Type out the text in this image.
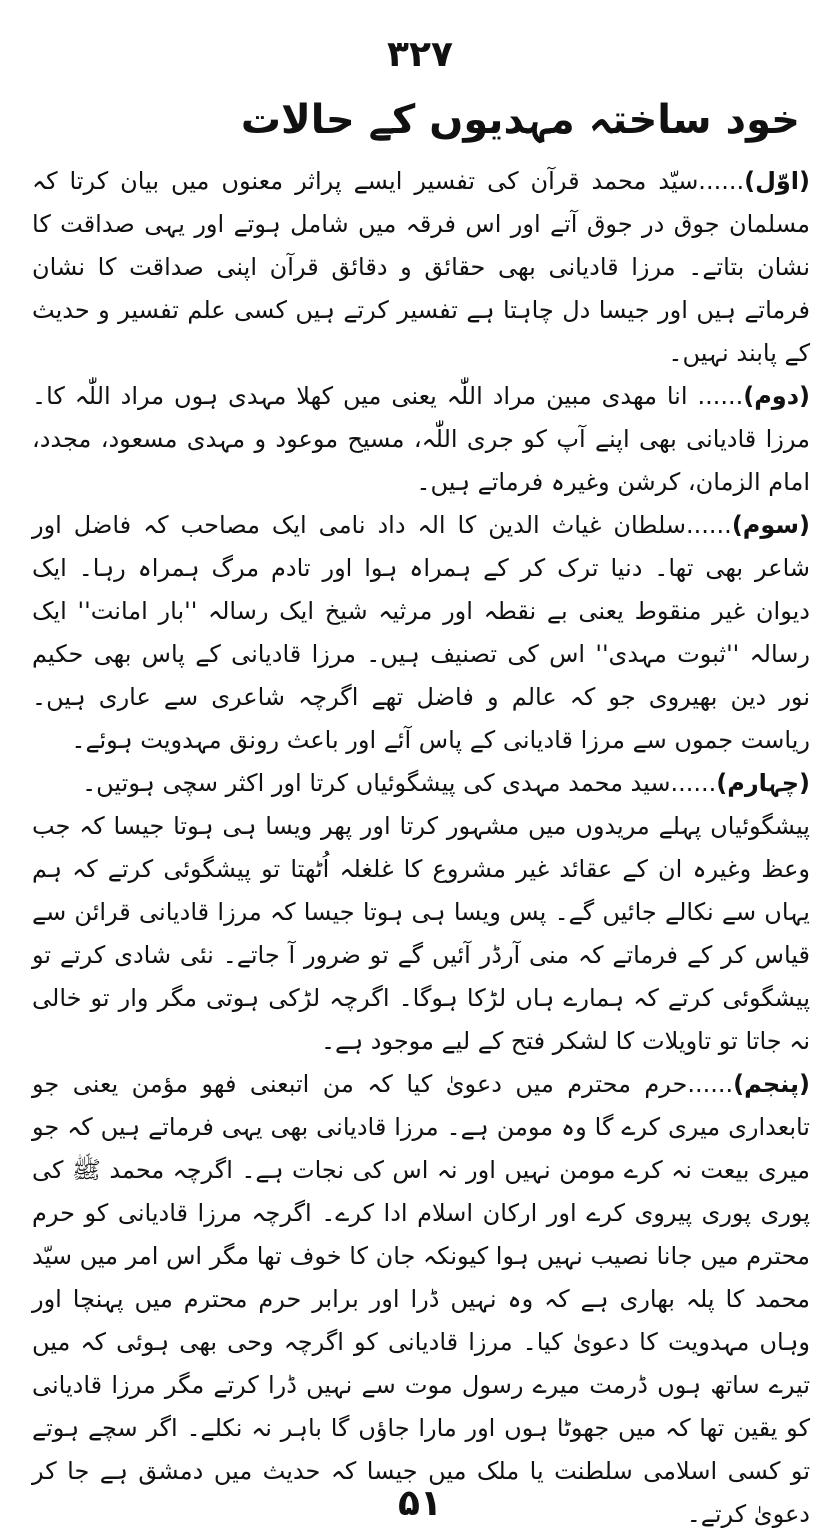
۳۲۷
خود ساختہ مہدیوں کے حالات

(اوّل)......سیّد محمد قرآن کی تفسیر ایسے پراثر معنوں میں بیان کرتا کہ مسلمان جوق در جوق آتے اور اس فرقہ میں شامل ہوتے اور یہی صداقت کا نشان بتاتے۔ مرزا قادیانی بھی حقائق و دقائق قرآن اپنی صداقت کا نشان فرماتے ہیں اور جیسا دل چاہتا ہے تفسیر کرتے ہیں کسی علم تفسیر و حدیث کے پابند نہیں۔

(دوم)...... انا مھدی مبین مراد اللّٰہ یعنی میں کھلا مہدی ہوں مراد اللّٰہ کا۔ مرزا قادیانی بھی اپنے آپ کو جری اللّٰہ، مسیح موعود و مہدی مسعود، مجدد، امام الزمان، کرشن وغیرہ فرماتے ہیں۔

(سوم)......سلطان غیاث الدین کا الہ داد نامی ایک مصاحب کہ فاضل اور شاعر بھی تھا۔ دنیا ترک کر کے ہمراہ ہوا اور تادم مرگ ہمراہ رہا۔ ایک دیوان غیر منقوط یعنی بے نقطہ اور مرثیہ شیخ ایک رسالہ ''بار امانت'' ایک رسالہ ''ثبوت مہدی'' اس کی تصنیف ہیں۔ مرزا قادیانی کے پاس بھی حکیم نور دین بھیروی جو کہ عالم و فاضل تھے اگرچہ شاعری سے عاری ہیں۔ ریاست جموں سے مرزا قادیانی کے پاس آئے اور باعث رونق مہدویت ہوئے۔

(چہارم)......سید محمد مہدی کی پیشگوئیاں کرتا اور اکثر سچی ہوتیں۔

پیشگوئیاں پہلے مریدوں میں مشہور کرتا اور پھر ویسا ہی ہوتا جیسا کہ جب وعظ وغیرہ ان کے عقائد غیر مشروع کا غلغلہ اُٹھتا تو پیشگوئی کرتے کہ ہم یہاں سے نکالے جائیں گے۔ پس ویسا ہی ہوتا جیسا کہ مرزا قادیانی قرائن سے قیاس کر کے فرماتے کہ منی آرڈر آئیں گے تو ضرور آ جاتے۔ نئی شادی کرتے تو پیشگوئی کرتے کہ ہمارے ہاں لڑکا ہوگا۔ اگرچہ لڑکی ہوتی مگر وار تو خالی نہ جاتا تو تاویلات کا لشکر فتح کے لیے موجود ہے۔

(پنجم)......حرم محترم میں دعویٰ کیا کہ من اتبعنی فھو مؤمن یعنی جو تابعداری میری کرے گا وہ مومن ہے۔ مرزا قادیانی بھی یہی فرماتے ہیں کہ جو میری بیعت نہ کرے مومن نہیں اور نہ اس کی نجات ہے۔ اگرچہ محمد ﷺ کی پوری پوری پیروی کرے اور ارکان اسلام ادا کرے۔ اگرچہ مرزا قادیانی کو حرم محترم میں جانا نصیب نہیں ہوا کیونکہ جان کا خوف تھا مگر اس امر میں سیّد محمد کا پلہ بھاری ہے کہ وہ نہیں ڈرا اور برابر حرم محترم میں پہنچا اور وہاں مہدویت کا دعویٰ کیا۔ مرزا قادیانی کو اگرچہ وحی بھی ہوئی کہ میں تیرے ساتھ ہوں ڈرمت میرے رسول موت سے نہیں ڈرا کرتے مگر مرزا قادیانی کو یقین تھا کہ میں جھوٹا ہوں اور مارا جاؤں گا باہر نہ نکلے۔ اگر سچے ہوتے تو کسی اسلامی سلطنت یا ملک میں جیسا کہ حدیث میں دمشق ہے جا کر دعویٰ کرتے۔

۵۱
